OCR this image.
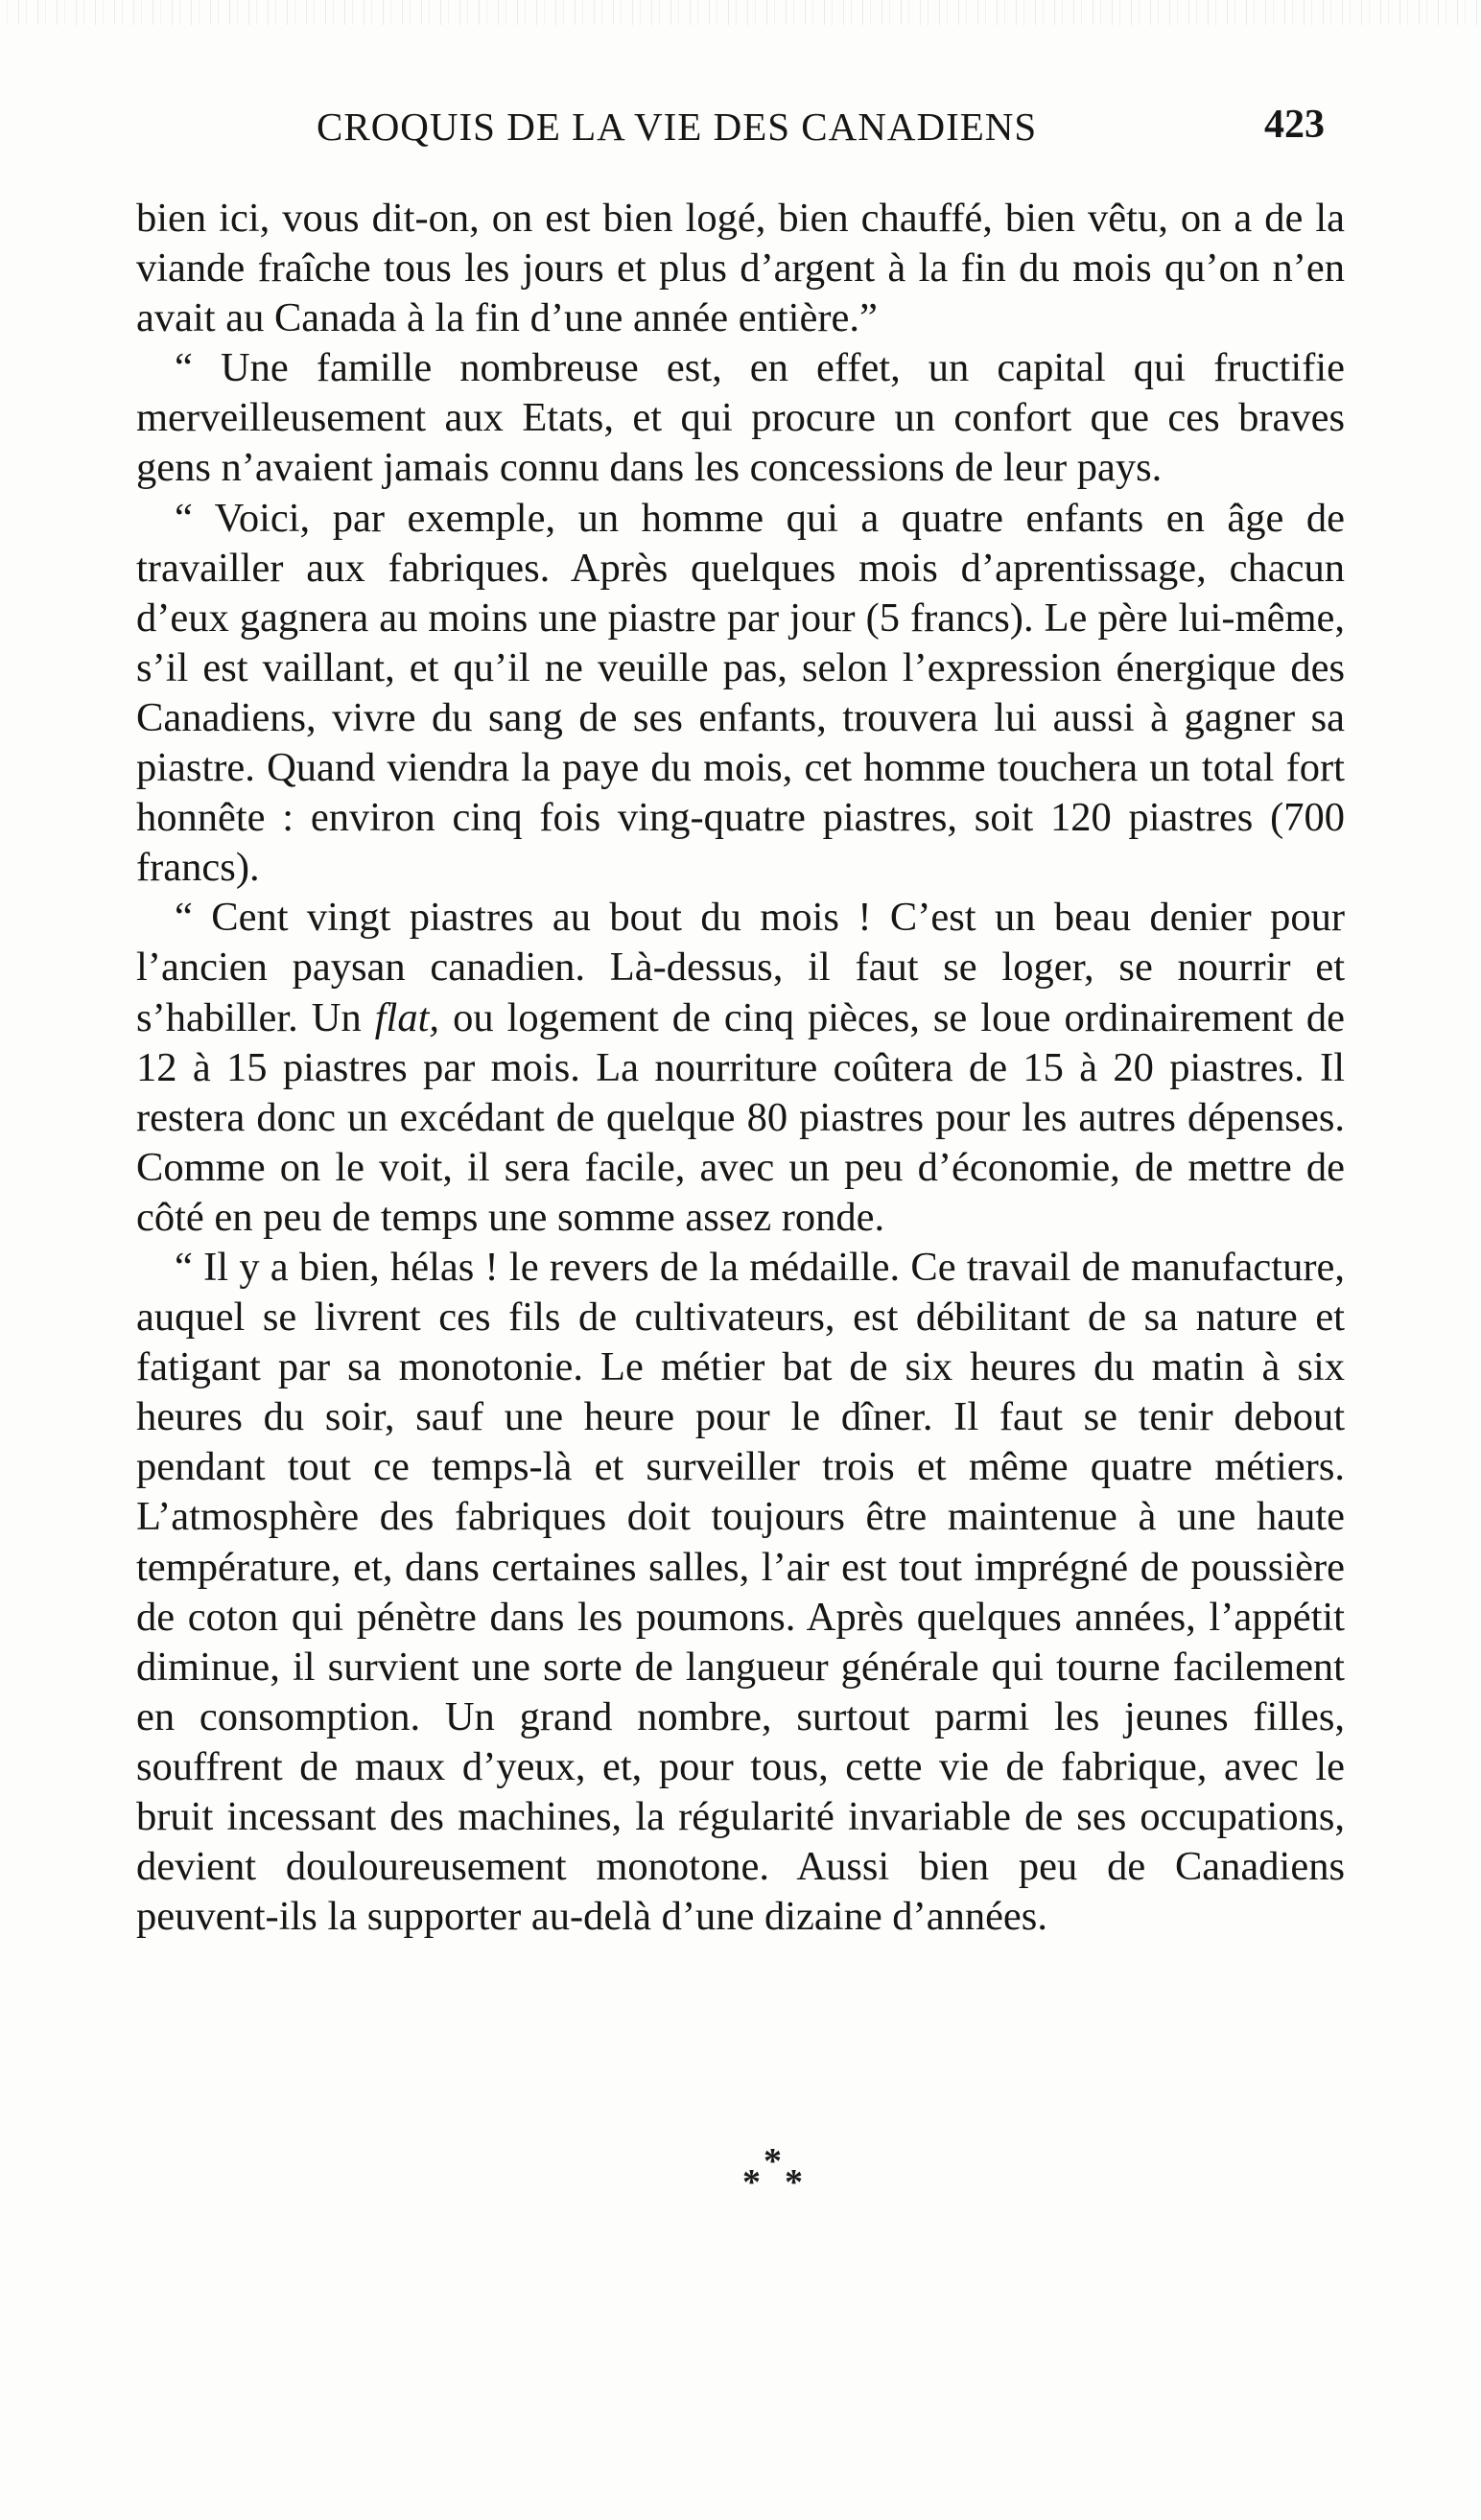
CROQUIS DE LA VIE DES CANADIENS	423

bien ici, vous dit-on, on est bien logé, bien chauffé, bien vêtu, on a de la viande fraîche tous les jours et plus d’argent à la fin du mois qu’on n’en avait au Canada à la fin d’une année entière.”

“ Une famille nombreuse est, en effet, un capital qui fructifie merveilleusement aux Etats, et qui procure un confort que ces braves gens n’avaient jamais connu dans les concessions de leur pays.

“ Voici, par exemple, un homme qui a quatre enfants en âge de travailler aux fabriques. Après quelques mois d’aprentissage, chacun d’eux gagnera au moins une piastre par jour (5 francs). Le père lui-même, s’il est vaillant, et qu’il ne veuille pas, selon l’expression énergique des Canadiens, vivre du sang de ses enfants, trouvera lui aussi à gagner sa piastre. Quand viendra la paye du mois, cet homme touchera un total fort honnête : environ cinq fois ving-quatre piastres, soit 120 piastres (700 francs).

“ Cent vingt piastres au bout du mois ! C’est un beau denier pour l’ancien paysan canadien. Là-dessus, il faut se loger, se nourrir et s’habiller. Un flat, ou logement de cinq pièces, se loue ordinairement de 12 à 15 piastres par mois. La nourriture coûtera de 15 à 20 piastres. Il restera donc un excédant de quelque 80 piastres pour les autres dépenses. Comme on le voit, il sera facile, avec un peu d’économie, de mettre de côté en peu de temps une somme assez ronde.

“ Il y a bien, hélas ! le revers de la médaille. Ce travail de manufacture, auquel se livrent ces fils de cultivateurs, est débilitant de sa nature et fatigant par sa monotonie. Le métier bat de six heures du matin à six heures du soir, sauf une heure pour le dîner. Il faut se tenir debout pendant tout ce temps-là et surveiller trois et même quatre métiers. L’atmosphère des fabriques doit toujours être maintenue à une haute température, et, dans certaines salles, l’air est tout imprégné de poussière de coton qui pénètre dans les poumons. Après quelques années, l’appétit diminue, il survient une sorte de langueur générale qui tourne facilement en consomption. Un grand nombre, surtout parmi les jeunes filles, souffrent de maux d’yeux, et, pour tous, cette vie de fabrique, avec le bruit incessant des machines, la régularité invariable de ses occupations, devient douloureusement monotone. Aussi bien peu de Canadiens peuvent-ils la supporter au-delà d’une dizaine d’années.

*
* *
